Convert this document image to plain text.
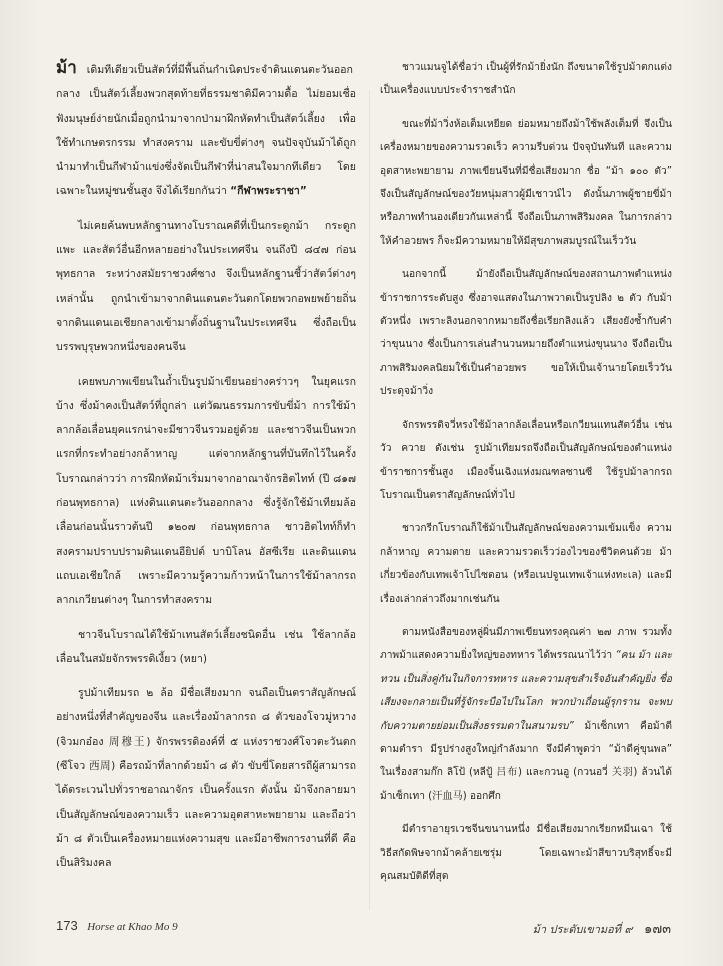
ม้า เดิมทีเดียวเป็นสัตว์ที่มีพื้นถิ่นกำเนิดประจำดินแดนตะวันออกกลาง เป็นสัตว์เลี้ยงพวกสุดท้ายที่ธรรมชาติมีความดื้อ ไม่ยอมเชื่อฟังมนุษย์ง่ายนักเมื่อถูกนำมาจากป่ามาฝึกหัดทำเป็นสัตว์เลี้ยง เพื่อใช้ทำเกษตรกรรม ทำสงคราม และขับขี่ต่างๆ จนปัจจุบันม้าได้ถูกนำมาทำเป็นกีฬาม้าแข่งซึ่งจัดเป็นกีฬาที่น่าสนใจมากทีเดียว โดยเฉพาะในหมู่ชนชั้นสูง จึงได้เรียกกันว่า “กีฬาพระราชา”

ไม่เคยค้นพบหลักฐานทางโบราณคดีที่เป็นกระดูกม้า กระดูกแพะ และสัตว์อื่นอีกหลายอย่างในประเทศจีน จนถึงปี ๘๔๗ ก่อนพุทธกาล ระหว่างสมัยราชวงศ์ซาง จึงเป็นหลักฐานชี้ว่าสัตว์ต่างๆ เหล่านั้น ถูกนำเข้ามาจากดินแดนตะวันตกโดยพวกอพยพย้ายถิ่นจากดินแดนเอเชียกลางเข้ามาตั้งถิ่นฐานในประเทศจีน ซึ่งถือเป็นบรรพบุรุษพวกหนึ่งของคนจีน

เคยพบภาพเขียนในถ้ำเป็นรูปม้าเขียนอย่างคร่าวๆ ในยุคแรกบ้าง ซึ่งม้าคงเป็นสัตว์ที่ถูกล่า แต่วัฒนธรรมการขับขี่ม้า การใช้ม้าลากล้อเลื่อนยุคแรกน่าจะมีชาวจีนรวมอยู่ด้วย และชาวจีนเป็นพวกแรกที่กระทำอย่างกล้าหาญ แต่จากหลักฐานที่บันทึกไว้ในครั้งโบราณกล่าวว่า การฝึกหัดม้าเริ่มมาจากอาณาจักรฮิตไทท์ (ปี ๘๑๗ ก่อนพุทธกาล) แห่งดินแดนตะวันออกกลาง ซึ่งรู้จักใช้ม้าเทียมล้อเลื่อนก่อนนั้นราวต้นปี ๑๒๐๗ ก่อนพุทธกาล ชาวฮิตไทท์ก็ทำสงครามปราบปรามดินแดนอียิปต์ บาบิโลน อัสซีเรีย และดินแดนแถบเอเชียใกล้ เพราะมีความรู้ความก้าวหน้าในการใช้ม้าลากรถลากเกวียนต่างๆ ในการทำสงคราม

ชาวจีนโบราณได้ใช้ม้าเทนสัตว์เลี้ยงชนิดอื่น เช่น ใช้ลากล้อเลื่อนในสมัยจักรพรรดิเงี้ยว (หยา)

รูปม้าเทียมรถ ๒ ล้อ มีชื่อเสียงมาก จนถือเป็นตราสัญลักษณ์อย่างหนึ่งที่สำคัญของจีน และเรื่องม้าลากรถ ๘ ตัวของโจวมู่หวาง (จิวมกอ๋อง 周穆王) จักรพรรดิองค์ที่ ๕ แห่งราชวงศ์โจวตะวันตก (ซีโจว 西周) คือรถม้าที่ลากด้วยม้า ๘ ตัว ขับขี่โดยสารถีผู้สามารถได้ตระเวนไปทั่วราชอาณาจักร เป็นครั้งแรก ดังนั้น ม้าจึงกลายมาเป็นสัญลักษณ์ของความเร็ว และความอุตสาหะพยายาม และถือว่าม้า ๘ ตัวเป็นเครื่องหมายแห่งความสุข และมีอาชีพการงานที่ดี คือเป็นสิริมงคล

ชาวแมนจูได้ชื่อว่า เป็นผู้ที่รักม้ายิ่งนัก ถึงขนาดใช้รูปม้าตกแต่งเป็นเครื่องแบบประจำราชสำนัก

ขณะที่ม้าวิ่งห้อเต็มเหยียด ย่อมหมายถึงม้าใช้พลังเต็มที่ จึงเป็นเครื่องหมายของความรวดเร็ว ความรีบด่วน ปัจจุบันทันที และความอุตสาหะพยายาม ภาพเขียนจีนที่มีชื่อเสียงมาก ชื่อ “ม้า ๑๐๐ ตัว” จึงเป็นสัญลักษณ์ของวัยหนุ่มสาวผู้มีเชาวน์ไว ดังนั้นภาพผู้ชายขี่ม้าหรือภาพทำนองเดียวกันเหล่านี้ จึงถือเป็นภาพสิริมงคล ในการกล่าวให้คำอวยพร ก็จะมีความหมายให้มีสุขภาพสมบูรณ์ในเร็ววัน

นอกจากนี้ ม้ายังถือเป็นสัญลักษณ์ของสถานภาพตำแหน่งข้าราชการระดับสูง ซึ่งอาจแสดงในภาพวาดเป็นรูปลิง ๒ ตัว กับม้าตัวหนึ่ง เพราะลิงนอกจากหมายถึงชื่อเรียกลิงแล้ว เสียงยังซ้ำกับคำว่าขุนนาง ซึ่งเป็นการเล่นสำนวนหมายถึงตำแหน่งขุนนาง จึงถือเป็นภาพสิริมงคลนิยมใช้เป็นคำอวยพร ขอให้เป็นเจ้านายโดยเร็ววันประดุจม้าวิ่ง

จักรพรรดิจวี่หรงใช้ม้าลากล้อเลื่อนหรือเกวียนแทนสัตว์อื่น เช่น วัว ควาย ดังเช่น รูปม้าเทียมรถจึงถือเป็นสัญลักษณ์ของตำแหน่งข้าราชการชั้นสูง เมืองจิ้นเฉิงแห่งมณฑลซานซี ใช้รูปม้าลากรถโบราณเป็นตราสัญลักษณ์ทั่วไป

ชาวกรีกโบราณก็ใช้ม้าเป็นสัญลักษณ์ของความเข้มแข็ง ความกล้าหาญ ความตาย และความรวดเร็วว่องไวของชีวิตคนด้วย ม้าเกี่ยวข้องกับเทพเจ้าโปไซดอน (หรือเนปจูนเทพเจ้าแห่งทะเล) และมีเรื่องเล่ากล่าวถึงมากเช่นกัน

ตามหนังสือของหลู่ผิ่นมีภาพเขียนทรงคุณค่า ๒๗ ภาพ รวมทั้งภาพม้าแสดงความยิ่งใหญ่ของทหาร ได้พรรณนาไว้ว่า “คน ม้า และทวน เป็นสิ่งคู่กันในกิจการทหาร และความสุขสำเร็จอันสำคัญยิ่ง ชื่อเสียงจะกลายเป็นที่รู้จักระบือไปในโลก พวกป่าเถื่อนผู้รุกราน จะพบกับความตายย่อมเป็นสิ่งธรรมดาในสนามรบ” ม้าเซ็กเทา คือม้าตีดามตำรา มีรูปร่างสูงใหญ่กำลังมาก จึงมีคำพูดว่า “ม้าดีคู่ขุนพล” ในเรื่องสามก๊ก ลิโป้ (หลีปู้ 吕布) และกวนอู (กวนอวี่ 关羽) ล้วนได้ม้าเซ็กเทา (汗血马) ออกศึก

มีตำราอายุรเวชจีนขนานหนึ่ง มีชื่อเสียงมากเรียกหมีนเฉา ใช้วิธีสกัดพิษจากม้าคล้ายเซรุ่ม โดยเฉพาะม้าสีขาวบริสุทธิ์จะมีคุณสมบัติดีที่สุด

173 Horse at Khao Mo 9	ม้า ประดับเขามอที่ ๙ ๑๗๓
